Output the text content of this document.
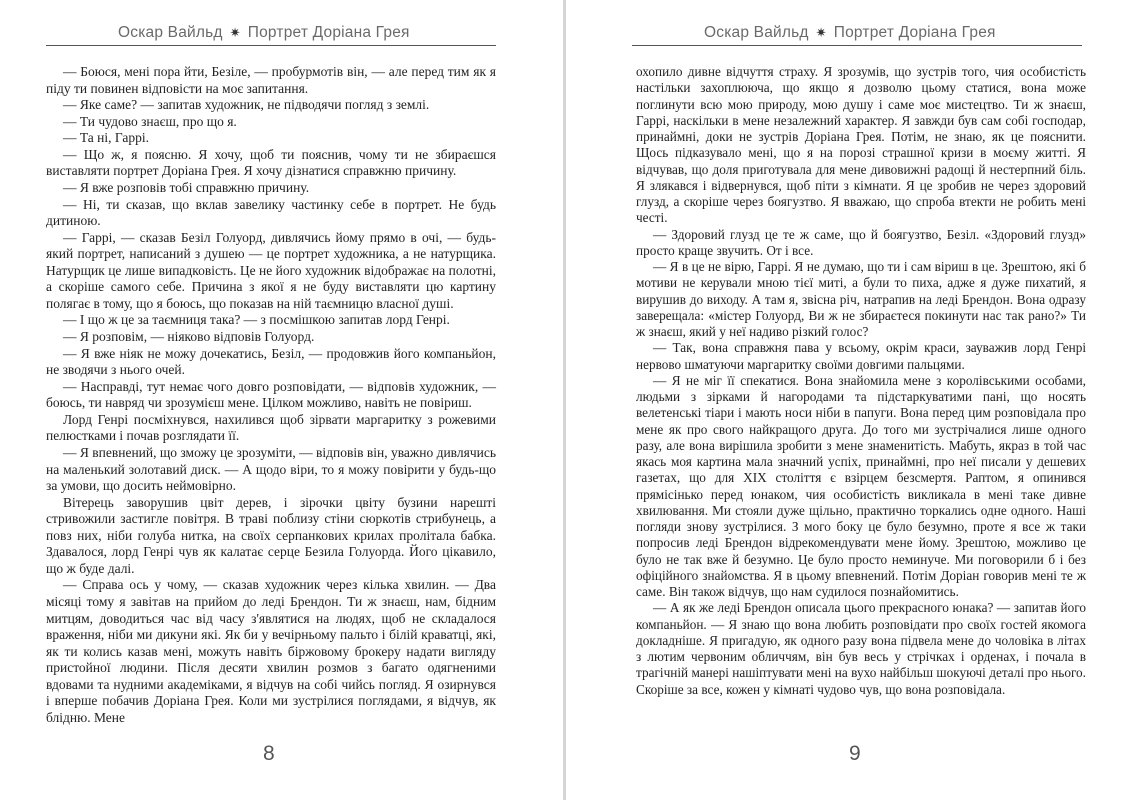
Оскар Вайльд ✷ Портрет Доріана Грея

— Боюся, мені пора йти, Безіле, — пробурмотів він, — але перед тим як я піду ти повинен відповісти на моє запитання.

— Яке саме? — запитав художник, не підводячи погляд з землі.

— Ти чудово знаєш, про що я.

— Та ні, Гаррі.

— Що ж, я поясню. Я хочу, щоб ти пояснив, чому ти не збираєшся виставляти портрет Доріана Грея. Я хочу дізнатися справжню причину.

— Я вже розповів тобі справжню причину.

— Ні, ти сказав, що вклав завелику частинку себе в портрет. Не будь дитиною.

— Гаррі, — сказав Безіл Голуорд, дивлячись йому прямо в очі, — будь-який портрет, написаний з душею — це портрет художника, а не натурщика. Натурщик це лише випадковість. Це не його художник відображає на полотні, а скоріше самого себе. Причина з якої я не буду виставляти цю картину полягає в тому, що я боюсь, що показав на ній таємницю власної душі.

— І що ж це за таємниця така? — з посмішкою запитав лорд Генрі.

— Я розповім, — ніяково відповів Голуорд.

— Я вже ніяк не можу дочекатись, Безіл, — продовжив його компаньйон, не зводячи з нього очей.

— Насправді, тут немає чого довго розповідати, — відповів художник, — боюсь, ти навряд чи зрозумієш мене. Цілком можливо, навіть не повіриш.

Лорд Генрі посміхнувся, нахилився щоб зірвати маргаритку з рожевими пелюстками і почав розглядати її.

— Я впевнений, що зможу це зрозуміти, — відповів він, уважно дивлячись на маленький золотавий диск. — А щодо віри, то я можу повірити у будь-що за умови, що досить неймовірно.

Вітерець заворушив цвіт дерев, і зірочки цвіту бузини нарешті стривожили застигле повітря. В траві поблизу стіни сюркотів стрибунець, а повз них, ніби голуба нитка, на своїх серпанкових крилах пролітала бабка. Здавалося, лорд Генрі чув як калатає серце Безила Голуорда. Його цікавило, що ж буде далі.

— Справа ось у чому, — сказав художник через кілька хвилин. — Два місяці тому я завітав на прийом до леді Брендон. Ти ж знаєш, нам, бідним митцям, доводиться час від часу з'являтися на людях, щоб не складалося враження, ніби ми дикуни які. Як би у вечірньому пальто і білій краватці, які, як ти колись казав мені, можуть навіть біржовому брокеру надати вигляду пристойної людини. Після десяти хвилин розмов з багато одягненими вдовами та нудними академіками, я відчув на собі чийсь погляд. Я озирнувся і вперше побачив Доріана Грея. Коли ми зустрілися поглядами, я відчув, як блідню. Мене

8
Оскар Вайльд ✷ Портрет Доріана Грея

охопило дивне відчуття страху. Я зрозумів, що зустрів того, чия особистість настільки захоплююча, що якщо я дозволю цьому статися, вона може поглинути всю мою природу, мою душу і саме моє мистецтво. Ти ж знаєш, Гаррі, наскільки в мене незалежний характер. Я завжди був сам собі господар, принаймні, доки не зустрів Доріана Грея. Потім, не знаю, як це пояснити. Щось підказувало мені, що я на порозі страшної кризи в моєму житті. Я відчував, що доля приготувала для мене дивовижні радощі й нестерпний біль. Я злякався і відвернувся, щоб піти з кімнати. Я це зробив не через здоровий глузд, а скоріше через боягузтво. Я вважаю, що спроба втекти не робить мені честі.

— Здоровий глузд це те ж саме, що й боягузтво, Безіл. «Здоровий глузд» просто краще звучить. От і все.

— Я в це не вірю, Гаррі. Я не думаю, що ти і сам віриш в це. Зрештою, які б мотиви не керували мною тієї миті, а були то пиха, адже я дуже пихатий, я вирушив до виходу. А там я, звісна річ, натрапив на леді Брендон. Вона одразу заверещала: «містер Голуорд, Ви ж не збираєтеся покинути нас так рано?» Ти ж знаєш, який у неї надиво різкий голос?

— Так, вона справжня пава у всьому, окрім краси, зауважив лорд Генрі нервово шматуючи маргаритку своїми довгими пальцями.

— Я не міг її спекатися. Вона знайомила мене з королівськими особами, людьми з зірками й нагородами та підстаркуватими пані, що носять велетенські тіари і мають носи ніби в папуги. Вона перед цим розповідала про мене як про свого найкращого друга. До того ми зустрічалися лише одного разу, але вона вирішила зробити з мене знаменитість. Мабуть, якраз в той час якась моя картина мала значний успіх, принаймні, про неї писали у дешевих газетах, що для XIX століття є взірцем безсмертя. Раптом, я опинився прямісінько перед юнаком, чия особистість викликала в мені таке дивне хвилювання. Ми стояли дуже щільно, практично торкались одне одного. Наші погляди знову зустрілися. З мого боку це було безумно, проте я все ж таки попросив леді Брендон відрекомендувати мене йому. Зрештою, можливо це було не так вже й безумно. Це було просто неминуче. Ми поговорили б і без офіційного знайомства. Я в цьому впевнений. Потім Доріан говорив мені те ж саме. Він також відчув, що нам судилося познайомитись.

— А як же леді Брендон описала цього прекрасного юнака? — запитав його компаньйон. — Я знаю що вона любить розповідати про своїх гостей якомога докладніше. Я пригадую, як одного разу вона підвела мене до чоловіка в літах з лютим червоним обличчям, він був весь у стрічках і орденах, і почала в трагічній манері нашіптувати мені на вухо найбільш шокуючі деталі про нього. Скоріше за все, кожен у кімнаті чудово чув, що вона розповідала.

9
